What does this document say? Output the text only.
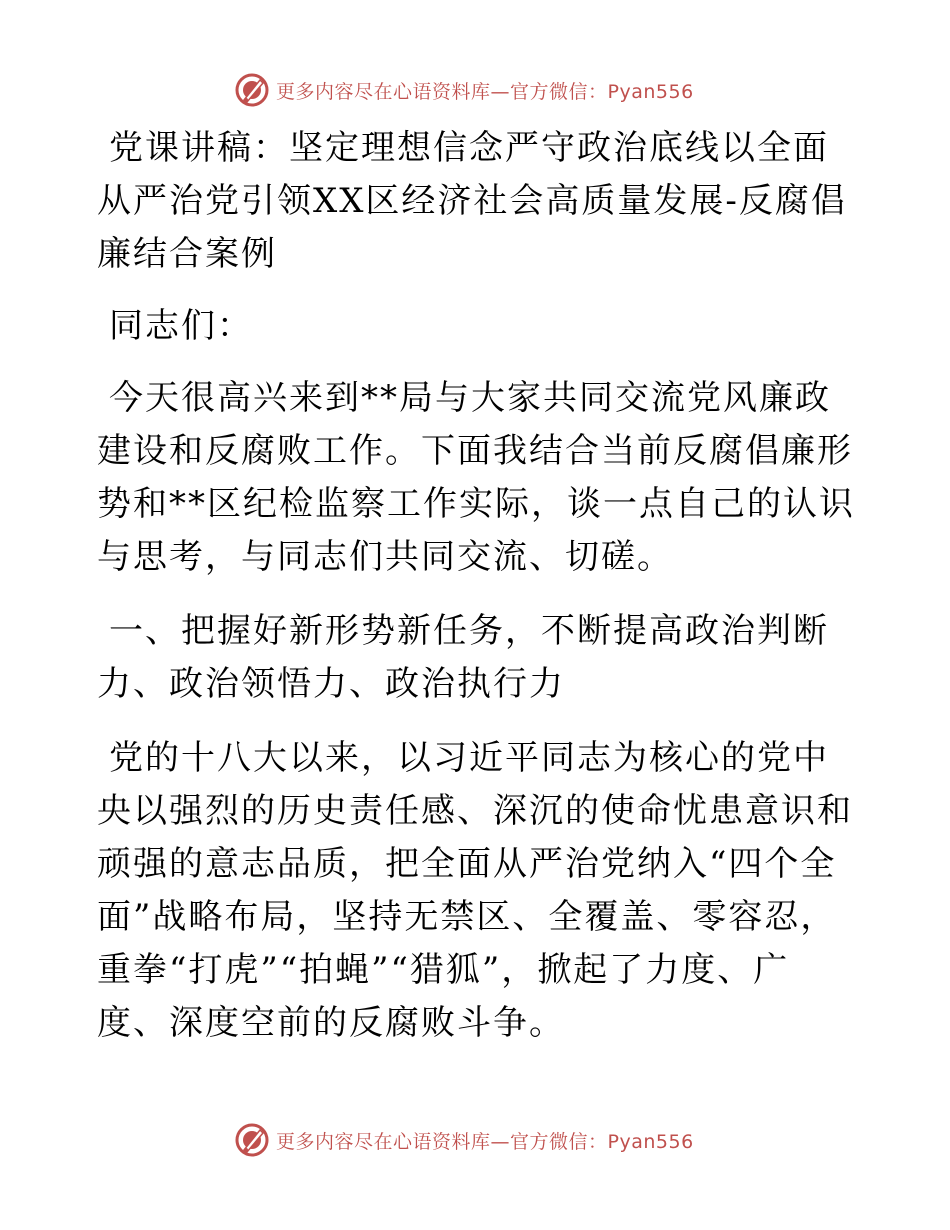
更多内容尽在心语资料库—官方微信：Pyan556

党课讲稿：坚定理想信念严守政治底线以全面从严治党引领XX区经济社会高质量发展-反腐倡廉结合案例

同志们：

今天很高兴来到**局与大家共同交流党风廉政建设和反腐败工作。下面我结合当前反腐倡廉形势和**区纪检监察工作实际，谈一点自己的认识与思考，与同志们共同交流、切磋。

一、把握好新形势新任务，不断提高政治判断力、政治领悟力、政治执行力

党的十八大以来，以习近平同志为核心的党中央以强烈的历史责任感、深沉的使命忧患意识和顽强的意志品质，把全面从严治党纳入“四个全面”战略布局，坚持无禁区、全覆盖、零容忍，重拳“打虎”“拍蝇”“猎狐”，掀起了力度、广度、深度空前的反腐败斗争。

更多内容尽在心语资料库—官方微信：Pyan556
